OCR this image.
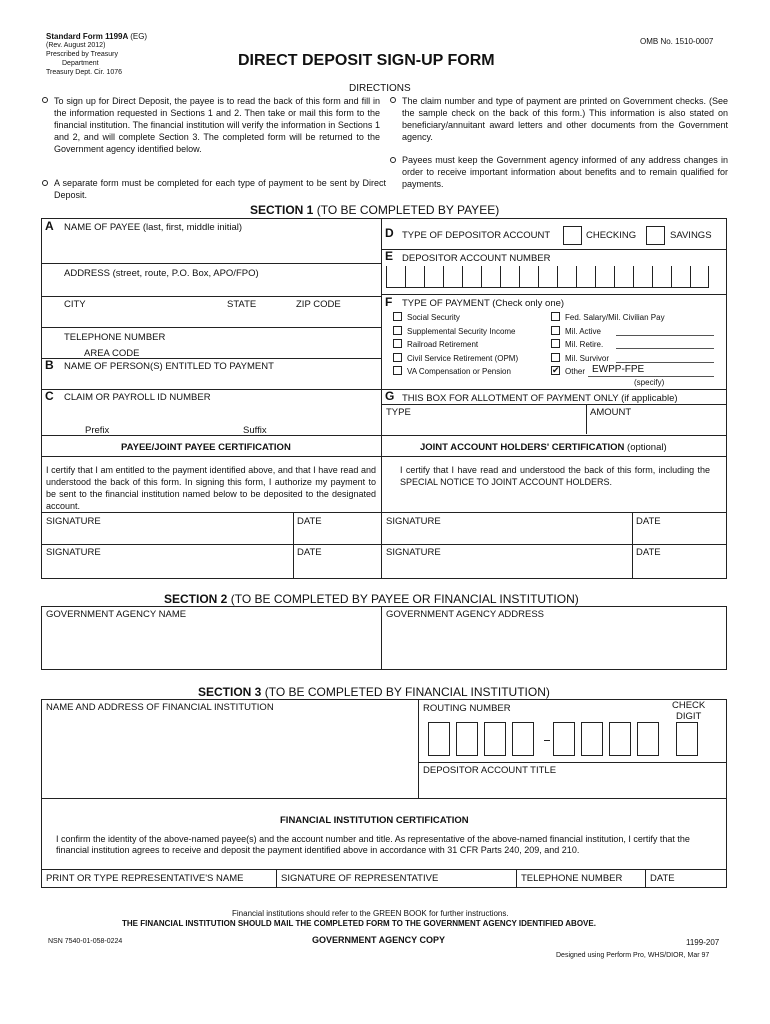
Standard Form 1199A (EG)
(Rev. August 2012)
Prescribed by Treasury
Department
Treasury Dept. Cir. 1076
OMB No. 1510-0007
DIRECT DEPOSIT SIGN-UP FORM
DIRECTIONS
To sign up for Direct Deposit, the payee is to read the back of this form and fill in the information requested in Sections 1 and 2. Then take or mail this form to the financial institution. The financial institution will verify the information in Sections 1 and 2, and will complete Section 3. The completed form will be returned to the Government agency identified below.
A separate form must be completed for each type of payment to be sent by Direct Deposit.
The claim number and type of payment are printed on Government checks. (See the sample check on the back of this form.) This information is also stated on beneficiary/annuitant award letters and other documents from the Government agency.
Payees must keep the Government agency informed of any address changes in order to receive important information about benefits and to remain qualified for payments.
SECTION 1 (TO BE COMPLETED BY PAYEE)
A NAME OF PAYEE (last, first, middle initial)
ADDRESS (street, route, P.O. Box, APO/FPO)
CITY	STATE	ZIP CODE
TELEPHONE NUMBER
AREA CODE
B NAME OF PERSON(S) ENTITLED TO PAYMENT
C CLAIM OR PAYROLL ID NUMBER
Prefix	Suffix
D TYPE OF DEPOSITOR ACCOUNT	CHECKING	SAVINGS
E DEPOSITOR ACCOUNT NUMBER
F TYPE OF PAYMENT (Check only one)
Social Security
Supplemental Security Income
Railroad Retirement
Civil Service Retirement (OPM)
VA Compensation or Pension
Fed. Salary/Mil. Civilian Pay
Mil. Active
Mil. Retire.
Mil. Survivor
✔ Other EWPP-FPE
(specify)
G THIS BOX FOR ALLOTMENT OF PAYMENT ONLY (if applicable)
TYPE	AMOUNT
PAYEE/JOINT PAYEE CERTIFICATION	JOINT ACCOUNT HOLDERS' CERTIFICATION (optional)
I certify that I am entitled to the payment identified above, and that I have read and understood the back of this form. In signing this form, I authorize my payment to be sent to the financial institution named below to be deposited to the designated account.
I certify that I have read and understood the back of this form, including the SPECIAL NOTICE TO JOINT ACCOUNT HOLDERS.
SIGNATURE	DATE	SIGNATURE	DATE
SIGNATURE	DATE	SIGNATURE	DATE
SECTION 2 (TO BE COMPLETED BY PAYEE OR FINANCIAL INSTITUTION)
GOVERNMENT AGENCY NAME	GOVERNMENT AGENCY ADDRESS
SECTION 3 (TO BE COMPLETED BY FINANCIAL INSTITUTION)
NAME AND ADDRESS OF FINANCIAL INSTITUTION	ROUTING NUMBER	CHECK
DIGIT
DEPOSITOR ACCOUNT TITLE
FINANCIAL INSTITUTION CERTIFICATION
I confirm the identity of the above-named payee(s) and the account number and title. As representative of the above-named financial institution, I certify that the financial institution agrees to receive and deposit the payment identified above in accordance with 31 CFR Parts 240, 209, and 210.
PRINT OR TYPE REPRESENTATIVE'S NAME	SIGNATURE OF REPRESENTATIVE	TELEPHONE NUMBER	DATE
Financial institutions should refer to the GREEN BOOK for further instructions.
THE FINANCIAL INSTITUTION SHOULD MAIL THE COMPLETED FORM TO THE GOVERNMENT AGENCY IDENTIFIED ABOVE.
NSN 7540-01-058-0224	GOVERNMENT AGENCY COPY	1199-207
Designed using Perform Pro, WHS/DIOR, Mar 97
